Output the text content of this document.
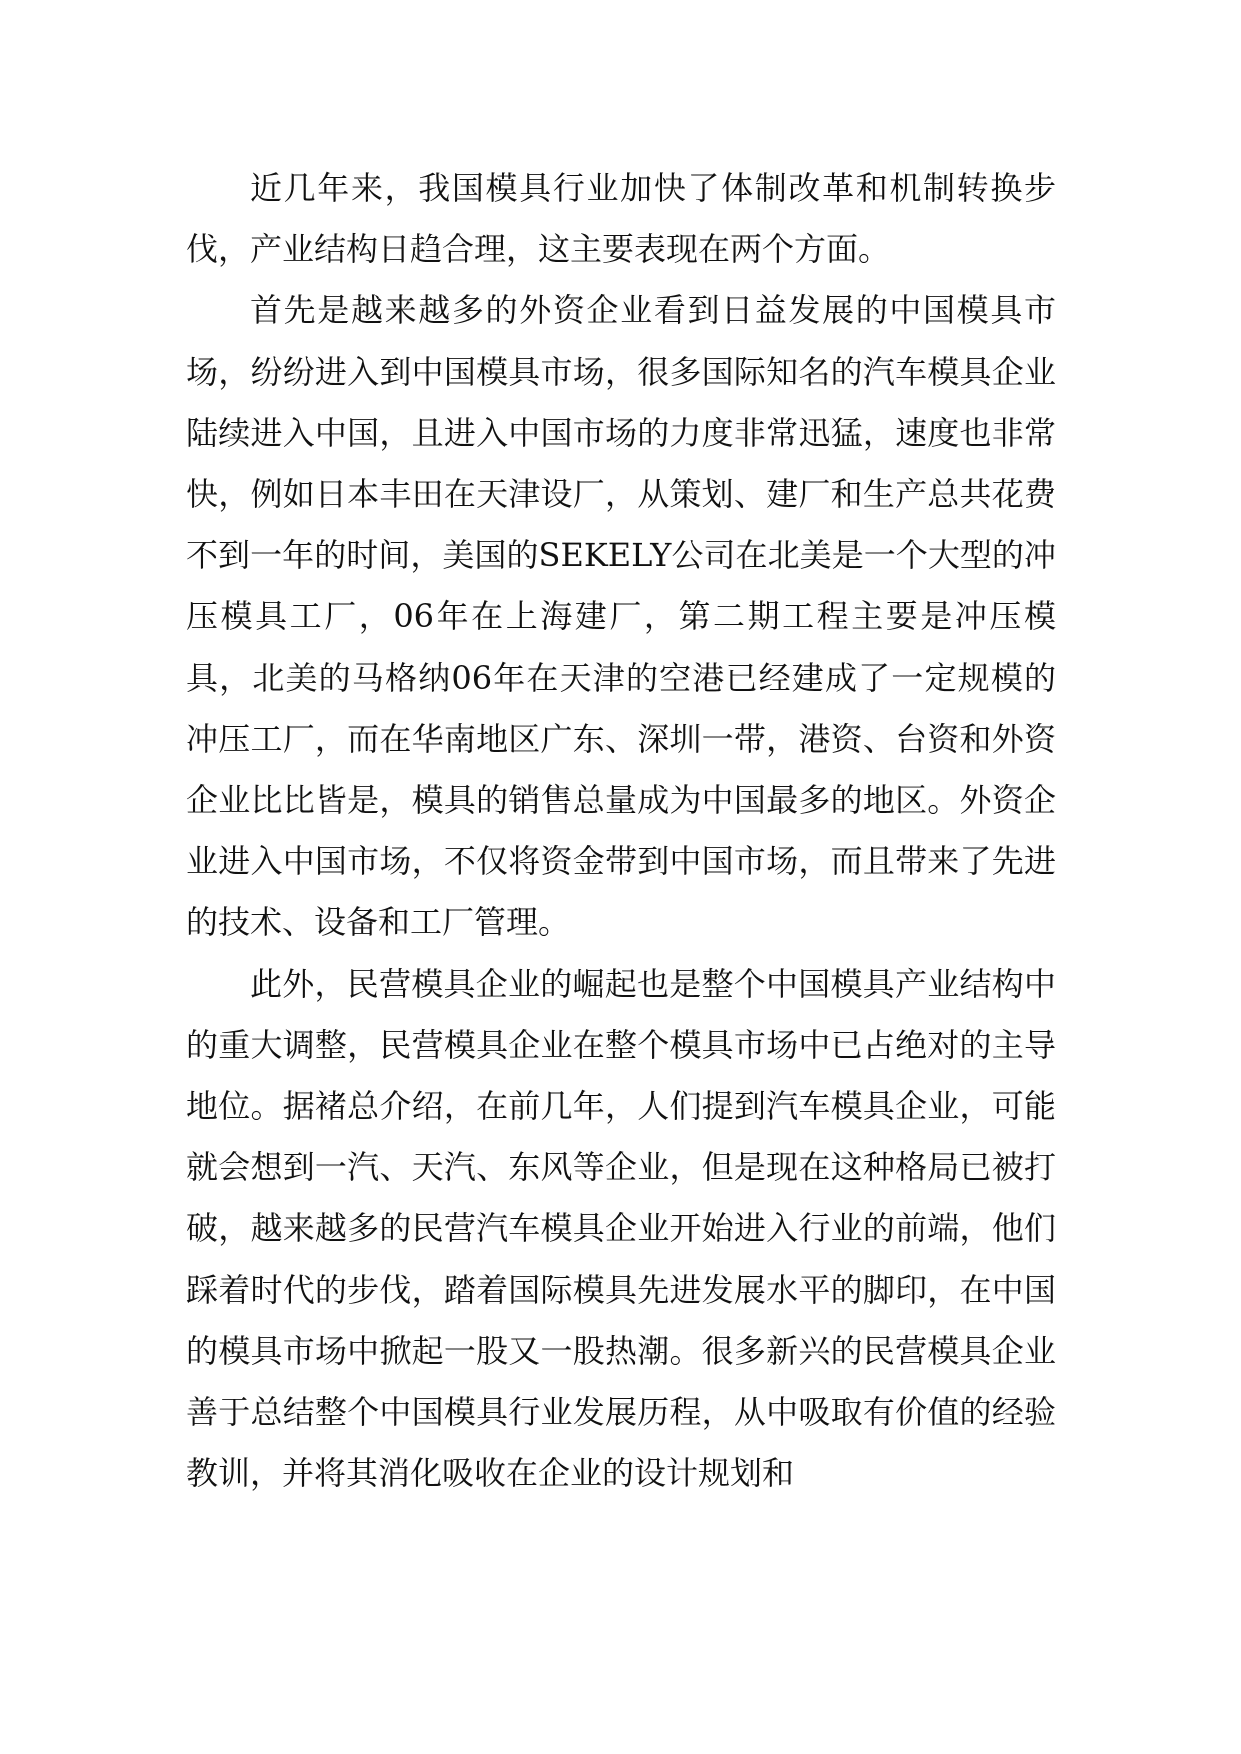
近几年来，我国模具行业加快了体制改革和机制转换步伐，产业结构日趋合理，这主要表现在两个方面。

首先是越来越多的外资企业看到日益发展的中国模具市场，纷纷进入到中国模具市场，很多国际知名的汽车模具企业陆续进入中国，且进入中国市场的力度非常迅猛，速度也非常快，例如日本丰田在天津设厂，从策划、建厂和生产总共花费不到一年的时间，美国的SEKELY公司在北美是一个大型的冲压模具工厂，06年在上海建厂，第二期工程主要是冲压模具，北美的马格纳06年在天津的空港已经建成了一定规模的冲压工厂，而在华南地区广东、深圳一带，港资、台资和外资企业比比皆是，模具的销售总量成为中国最多的地区。外资企业进入中国市场，不仅将资金带到中国市场，而且带来了先进的技术、设备和工厂管理。

此外，民营模具企业的崛起也是整个中国模具产业结构中的重大调整，民营模具企业在整个模具市场中已占绝对的主导地位。据褚总介绍，在前几年，人们提到汽车模具企业，可能就会想到一汽、天汽、东风等企业，但是现在这种格局已被打破，越来越多的民营汽车模具企业开始进入行业的前端，他们踩着时代的步伐，踏着国际模具先进发展水平的脚印，在中国的模具市场中掀起一股又一股热潮。很多新兴的民营模具企业善于总结整个中国模具行业发展历程，从中吸取有价值的经验教训，并将其消化吸收在企业的设计规划和
